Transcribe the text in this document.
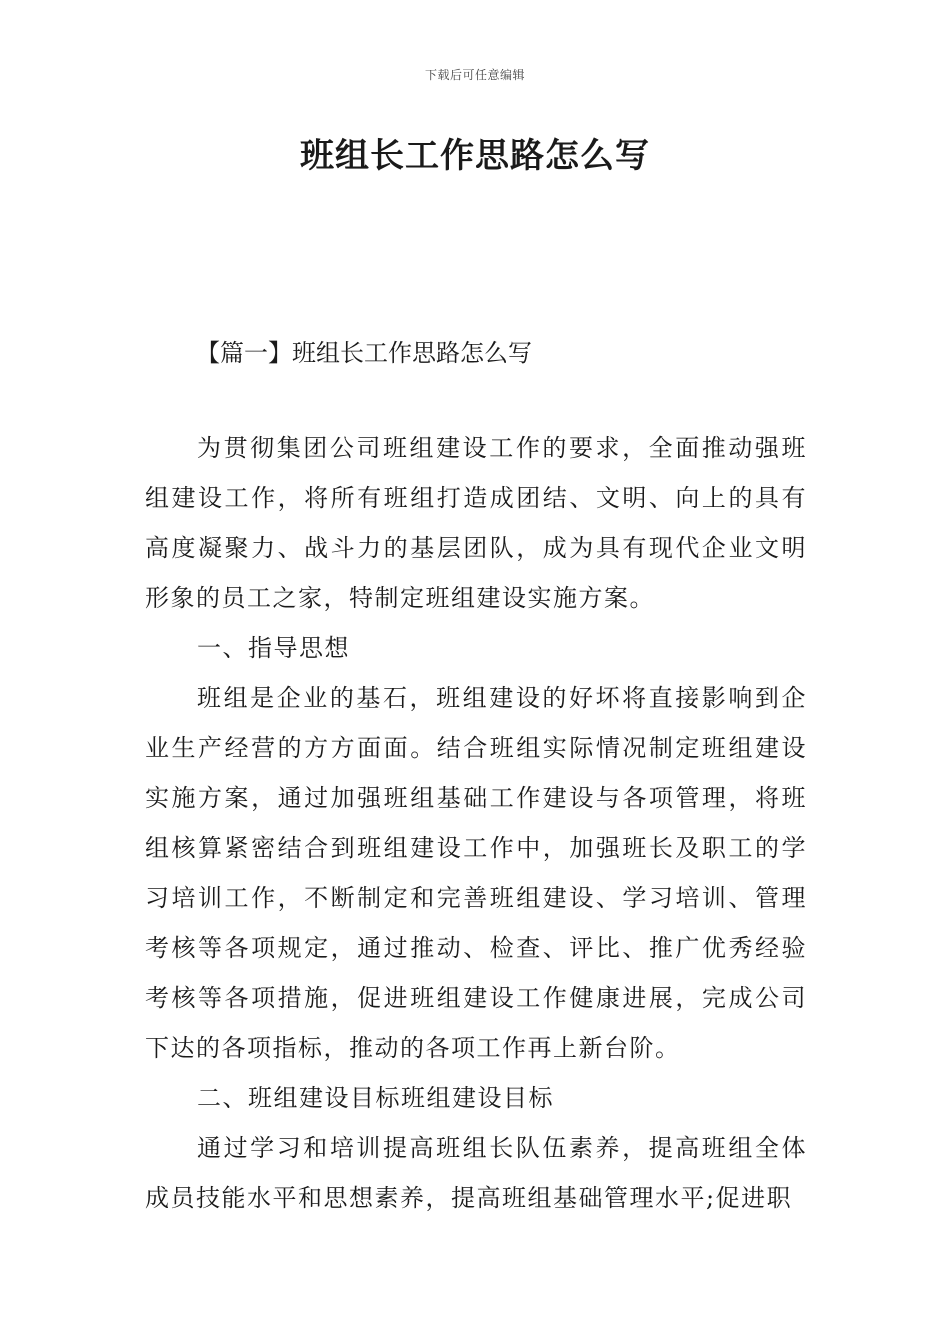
下载后可任意编辑
班组长工作思路怎么写
【篇一】班组长工作思路怎么写

为贯彻集团公司班组建设工作的要求，全面推动强班组建设工作，将所有班组打造成团结、文明、向上的具有高度凝聚力、战斗力的基层团队，成为具有现代企业文明形象的员工之家，特制定班组建设实施方案。

一、指导思想

班组是企业的基石，班组建设的好坏将直接影响到企业生产经营的方方面面。结合班组实际情况制定班组建设实施方案，通过加强班组基础工作建设与各项管理，将班组核算紧密结合到班组建设工作中，加强班长及职工的学习培训工作，不断制定和完善班组建设、学习培训、管理考核等各项规定，通过推动、检查、评比、推广优秀经验考核等各项措施，促进班组建设工作健康进展，完成公司下达的各项指标，推动的各项工作再上新台阶。

二、班组建设目标班组建设目标

通过学习和培训提高班组长队伍素养，提高班组全体成员技能水平和思想素养，提高班组基础管理水平;促进职
